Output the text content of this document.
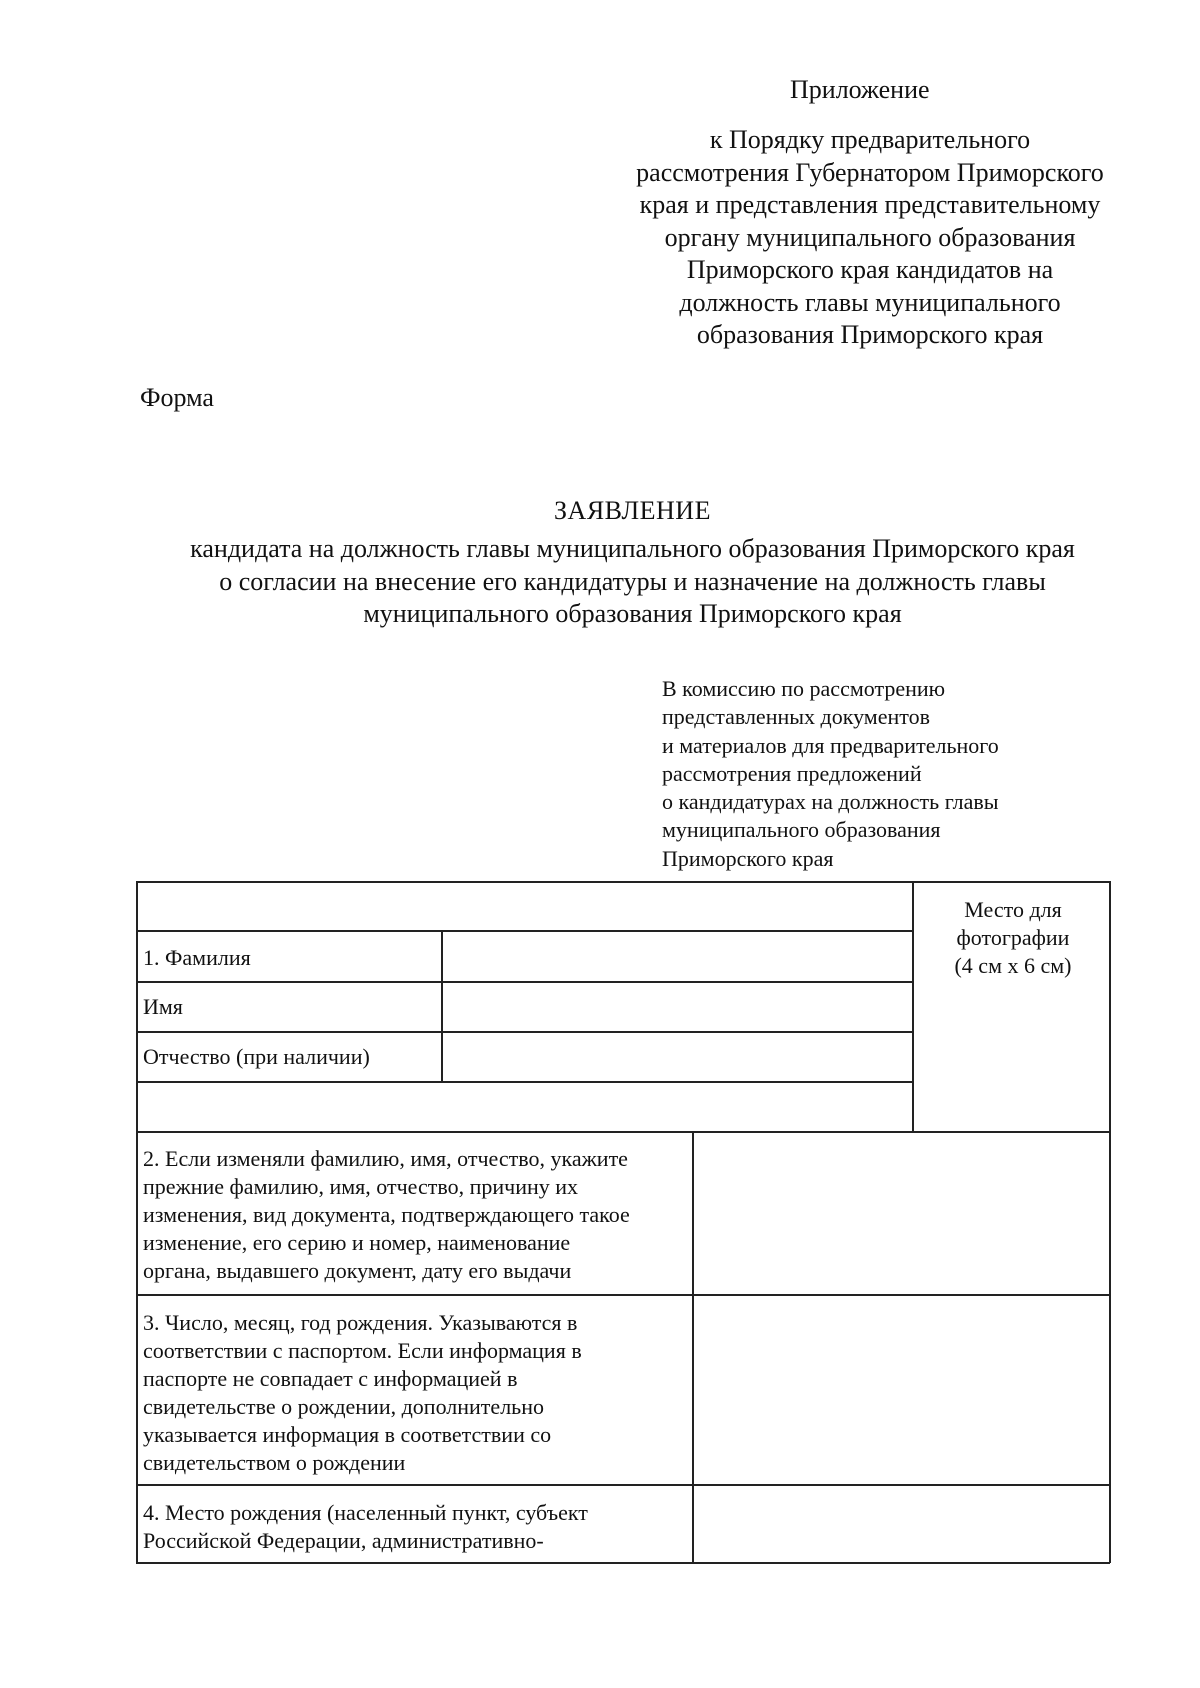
Приложение
к Порядку предварительного
рассмотрения Губернатором Приморского
края и представления представительному
органу муниципального образования
Приморского края кандидатов на
должность главы муниципального
образования Приморского края
Форма
ЗАЯВЛЕНИЕ
кандидата на должность главы муниципального образования Приморского края
о согласии на внесение его кандидатуры и назначение на должность главы
муниципального образования Приморского края
В комиссию по рассмотрению
представленных документов
и материалов для предварительного
рассмотрения предложений
о кандидатурах на должность главы
муниципального образования
Приморского края
Место для
фотографии
(4 см х 6 см)
1. Фамилия
Имя
Отчество (при наличии)
2. Если изменяли фамилию, имя, отчество, укажите
прежние фамилию, имя, отчество, причину их
изменения, вид документа, подтверждающего такое
изменение, его серию и номер, наименование
органа, выдавшего документ, дату его выдачи
3. Число, месяц, год рождения. Указываются в
соответствии с паспортом. Если информация в
паспорте не совпадает с информацией в
свидетельстве о рождении, дополнительно
указывается информация в соответствии со
свидетельством о рождении
4. Место рождения (населенный пункт, субъект
Российской Федерации, административно-
